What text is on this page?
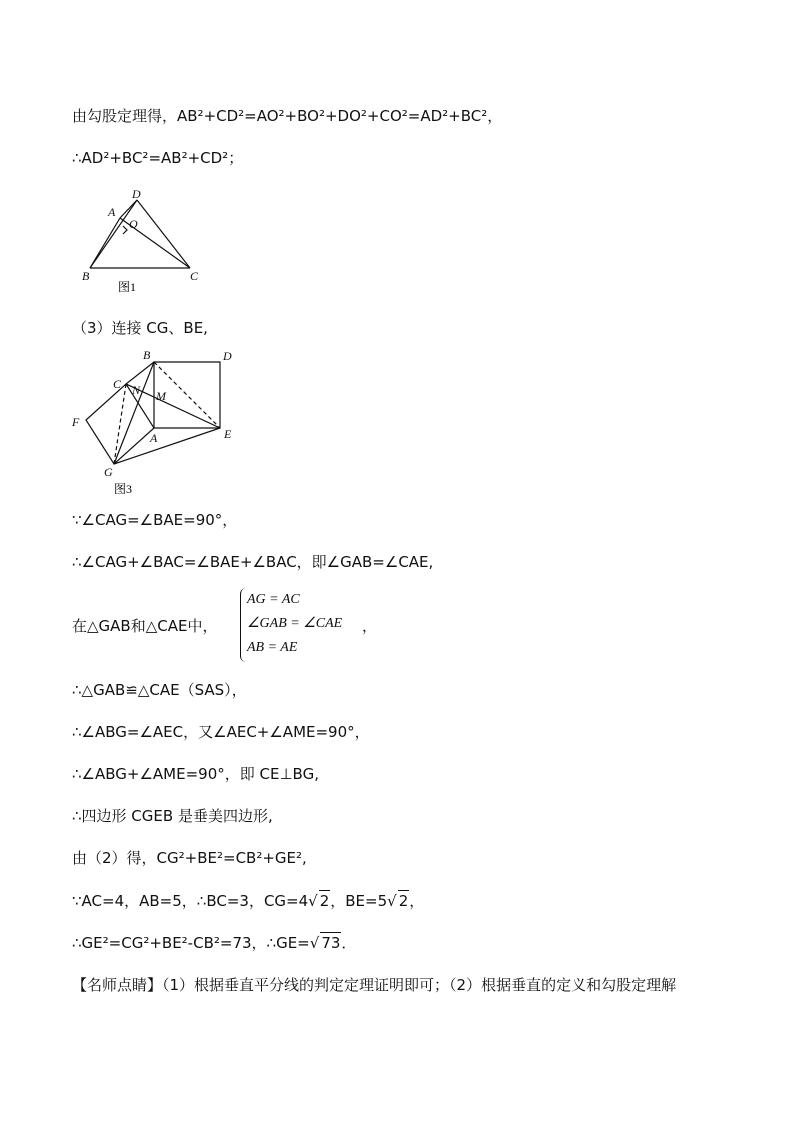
由勾股定理得，AB²+CD²=AO²+BO²+DO²+CO²=AD²+BC²，
∴AD²+BC²=AB²+CD²；
A
B	C
D
O
图1
（3）连接 CG、BE,
B	D
C N M
A	E
F
G
图3
∵∠CAG=∠BAE=90°，
∴∠CAG+∠BAC=∠BAE+∠BAC，即∠GAB=∠CAE,
在△GAB和△CAE中，
AG = AC
∠GAB = ∠CAE
AB = AE
，
∴△GAB≌△CAE（SAS），
∴∠ABG=∠AEC，又∠AEC+∠AME=90°，
∴∠ABG+∠AME=90°，即 CE⊥BG,
∴四边形 CGEB 是垂美四边形,
由（2）得，CG²+BE²=CB²+GE²,
∵AC=4，AB=5，∴BC=3，CG=4√ 2，BE=5√ 2，
∴GE²=CG²+BE²-CB²=73，∴GE=√ 73．
【名师点睛】（1）根据垂直平分线的判定定理证明即可；（2）根据垂直的定义和勾股定理解
